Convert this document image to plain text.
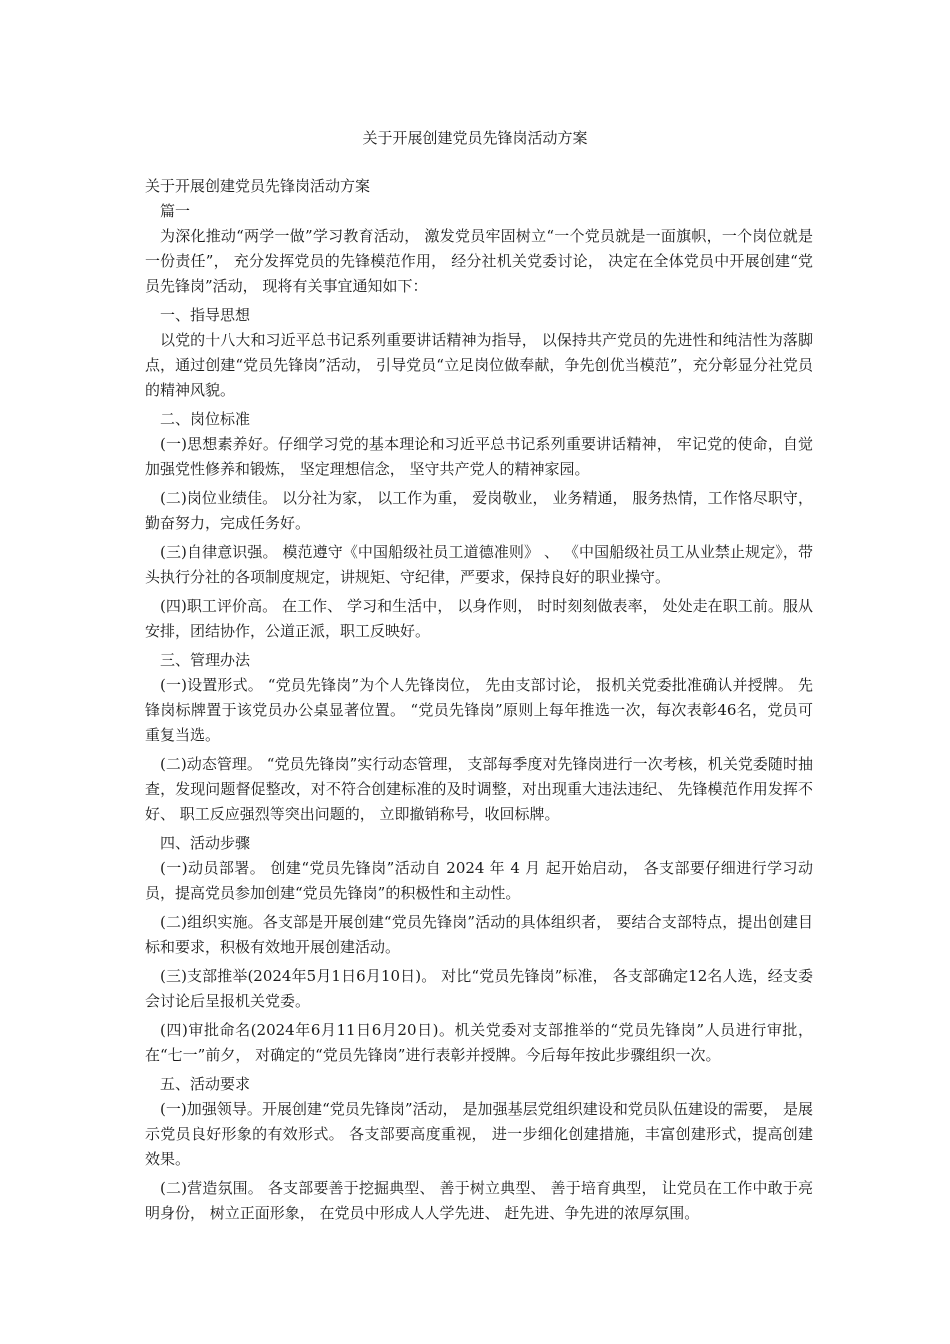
关于开展创建党员先锋岗活动方案

关于开展创建党员先锋岗活动方案

篇一

为深化推动“两学一做”学习教育活动， 激发党员牢固树立“一个党员就是一面旗帜，一个岗位就是一份责任”， 充分发挥党员的先锋模范作用， 经分社机关党委讨论， 决定在全体党员中开展创建“党员先锋岗”活动， 现将有关事宜通知如下：

一、指导思想

以党的十八大和习近平总书记系列重要讲话精神为指导， 以保持共产党员的先进性和纯洁性为落脚点，通过创建“党员先锋岗”活动， 引导党员“立足岗位做奉献，争先创优当模范”，充分彰显分社党员的精神风貌。

二、岗位标准

(一)思想素养好。仔细学习党的基本理论和习近平总书记系列重要讲话精神， 牢记党的使命，自觉加强党性修养和锻炼， 坚定理想信念， 坚守共产党人的精神家园。

(二)岗位业绩佳。 以分社为家， 以工作为重， 爱岗敬业， 业务精通， 服务热情，工作恪尽职守，勤奋努力，完成任务好。

(三)自律意识强。 模范遵守《中国船级社员工道德准则》 、 《中国船级社员工从业禁止规定》，带头执行分社的各项制度规定，讲规矩、守纪律，严要求，保持良好的职业操守。

(四)职工评价高。 在工作、 学习和生活中， 以身作则， 时时刻刻做表率， 处处走在职工前。服从安排，团结协作，公道正派，职工反映好。

三、管理办法

(一)设置形式。 “党员先锋岗”为个人先锋岗位， 先由支部讨论， 报机关党委批准确认并授牌。 先锋岗标牌置于该党员办公桌显著位置。 “党员先锋岗”原则上每年推选一次，每次表彰46名，党员可重复当选。

(二)动态管理。 “党员先锋岗”实行动态管理， 支部每季度对先锋岗进行一次考核，机关党委随时抽查，发现问题督促整改，对不符合创建标准的及时调整，对出现重大违法违纪、 先锋模范作用发挥不好、 职工反应强烈等突出问题的， 立即撤销称号，收回标牌。

四、活动步骤

(一)动员部署。 创建“党员先锋岗”活动自 2024 年 4 月 起开始启动， 各支部要仔细进行学习动员，提高党员参加创建“党员先锋岗”的积极性和主动性。

(二)组织实施。各支部是开展创建“党员先锋岗”活动的具体组织者， 要结合支部特点，提出创建目标和要求，积极有效地开展创建活动。

(三)支部推举(2024年5月1日6月10日)。 对比“党员先锋岗”标准， 各支部确定12名人选，经支委会讨论后呈报机关党委。

(四)审批命名(2024年6月11日6月20日)。机关党委对支部推举的“党员先锋岗”人员进行审批， 在“七一”前夕， 对确定的“党员先锋岗”进行表彰并授牌。今后每年按此步骤组织一次。

五、活动要求

(一)加强领导。开展创建“党员先锋岗”活动， 是加强基层党组织建设和党员队伍建设的需要， 是展示党员良好形象的有效形式。 各支部要高度重视， 进一步细化创建措施，丰富创建形式，提高创建效果。

(二)营造氛围。 各支部要善于挖掘典型、 善于树立典型、 善于培育典型， 让党员在工作中敢于亮明身份， 树立正面形象， 在党员中形成人人学先进、 赶先进、争先进的浓厚氛围。
